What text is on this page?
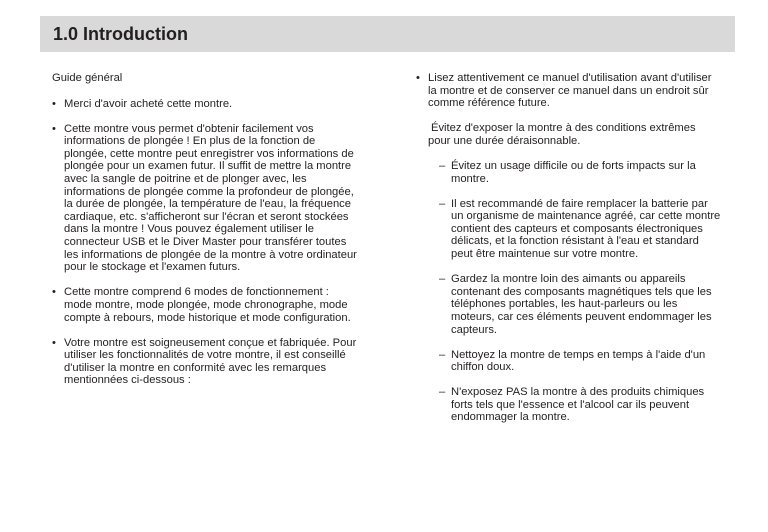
1.0 Introduction

Guide général

• Merci d'avoir acheté cette montre.
• Cette montre vous permet d'obtenir facilement vos informations de plongée ! En plus de la fonction de plongée, cette montre peut enregistrer vos informations de plongée pour un examen futur. Il suffit de mettre la montre avec la sangle de poitrine et de plonger avec, les informations de plongée comme la profondeur de plongée, la durée de plongée, la température de l'eau, la fréquence cardiaque, etc. s'afficheront sur l'écran et seront stockées dans la montre ! Vous pouvez également utiliser le connecteur USB et le Diver Master pour transférer toutes les informations de plongée de la montre à votre ordinateur pour le stockage et l'examen futurs.
• Cette montre comprend 6 modes de fonctionnement : mode montre, mode plongée, mode chronographe, mode compte à rebours, mode historique et mode configuration.
• Votre montre est soigneusement conçue et fabriquée. Pour utiliser les fonctionnalités de votre montre, il est conseillé d'utiliser la montre en conformité avec les remarques mentionnées ci-dessous :
• Lisez attentivement ce manuel d'utilisation avant d'utiliser la montre et de conserver ce manuel dans un endroit sûr comme référence future.

Évitez d'exposer la montre à des conditions extrêmes pour une durée déraisonnable.

– Évitez un usage difficile ou de forts impacts sur la montre.
– Il est recommandé de faire remplacer la batterie par un organisme de maintenance agréé, car cette montre contient des capteurs et composants électroniques délicats, et la fonction résistant à l'eau et standard peut être maintenue sur votre montre.
– Gardez la montre loin des aimants ou appareils contenant des composants magnétiques tels que les téléphones portables, les haut-parleurs ou les moteurs, car ces éléments peuvent endommager les capteurs.
– Nettoyez la montre de temps en temps à l'aide d'un chiffon doux.
– N'exposez PAS la montre à des produits chimiques forts tels que l'essence et l'alcool car ils peuvent endommager la montre.
